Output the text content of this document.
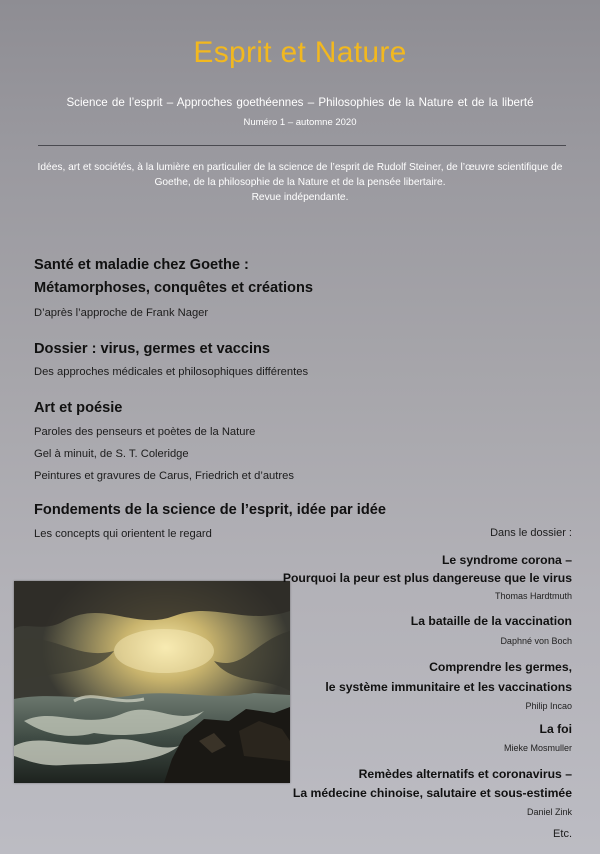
Esprit et Nature
Science de l’esprit – Approches goethéennes – Philosophies de la Nature et de la liberté
Numéro 1 – automne 2020
Idées, art et sociétés, à la lumière en particulier de la science de l’esprit de Rudolf Steiner, de l’œuvre scientifique de
Goethe, de la philosophie de la Nature et de la pensée libertaire.
Revue indépendante.
Santé et maladie chez Goethe :
Métamorphoses, conquêtes et créations
D’après l’approche de Frank Nager
Dossier : virus, germes et vaccins
Des approches médicales et philosophiques différentes
Art et poésie
Paroles des penseurs et poètes de la Nature
Gel à minuit, de S. T. Coleridge
Peintures et gravures de Carus, Friedrich et d’autres
Fondements de la science de l’esprit, idée par idée
Les concepts qui orientent le regard	Dans le dossier :
Le syndrome corona –
Pourquoi la peur est plus dangereuse que le virus
Thomas Hardtmuth
La bataille de la vaccination
Daphné von Boch
Comprendre les germes,
le système immunitaire et les vaccinations
Philip Incao
La foi
Mieke Mosmuller
Remèdes alternatifs et coronavirus –
La médecine chinoise, salutaire et sous-estimée
Daniel Zink
Etc.
